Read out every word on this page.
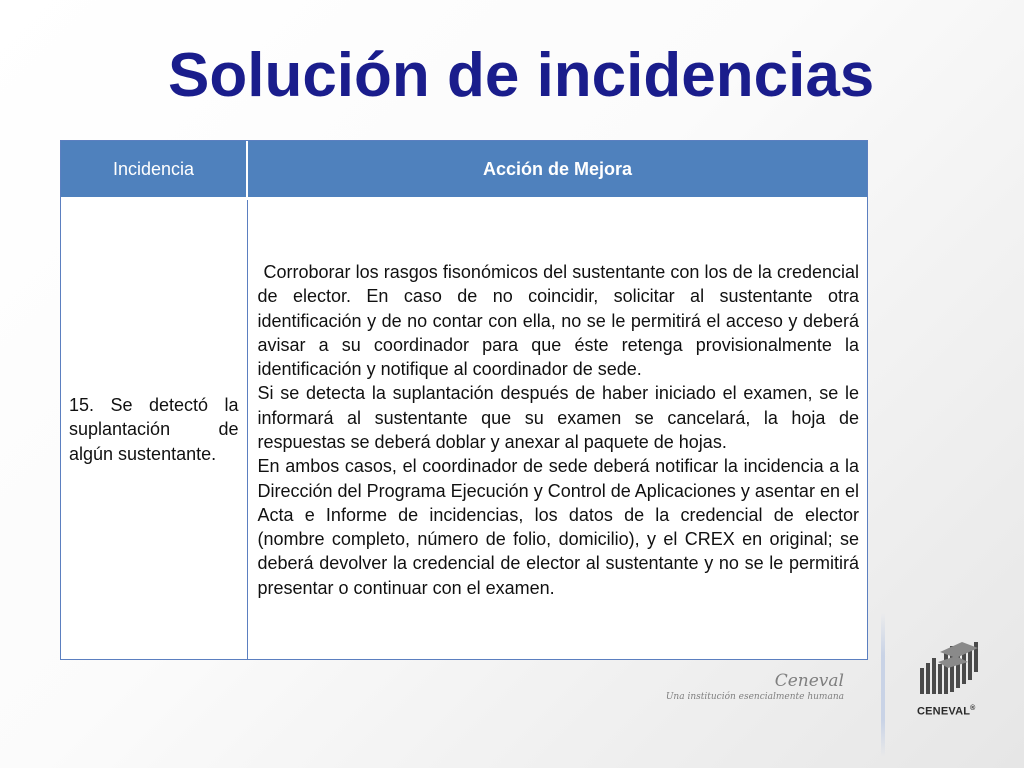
Solución de incidencias
Incidencia	Acción de Mejora
15. Se detectó la suplantación de algún sustentante.	Corroborar los rasgos fisonómicos del sustentante con los de la credencial de elector. En caso de no coincidir, solicitar al sustentante otra identificación y de no contar con ella, no se le permitirá el acceso y deberá avisar a su coordinador para que éste retenga provisionalmente la identificación y notifique al coordinador de sede.

Si se detecta la suplantación después de haber iniciado el examen, se le informará al sustentante que su examen se cancelará, la hoja de respuestas se deberá doblar y anexar al paquete de hojas.

En ambos casos, el coordinador de sede deberá notificar la incidencia a la Dirección del Programa Ejecución y Control de Aplicaciones y asentar en el Acta e Informe de incidencias, los datos de la credencial de elector (nombre completo, número de folio, domicilio), y el CREX en original; se deberá devolver la credencial de elector al sustentante y no se le permitirá presentar o continuar con el examen.

Ceneval
Una institución esencialmente humana
CENEVAL®
